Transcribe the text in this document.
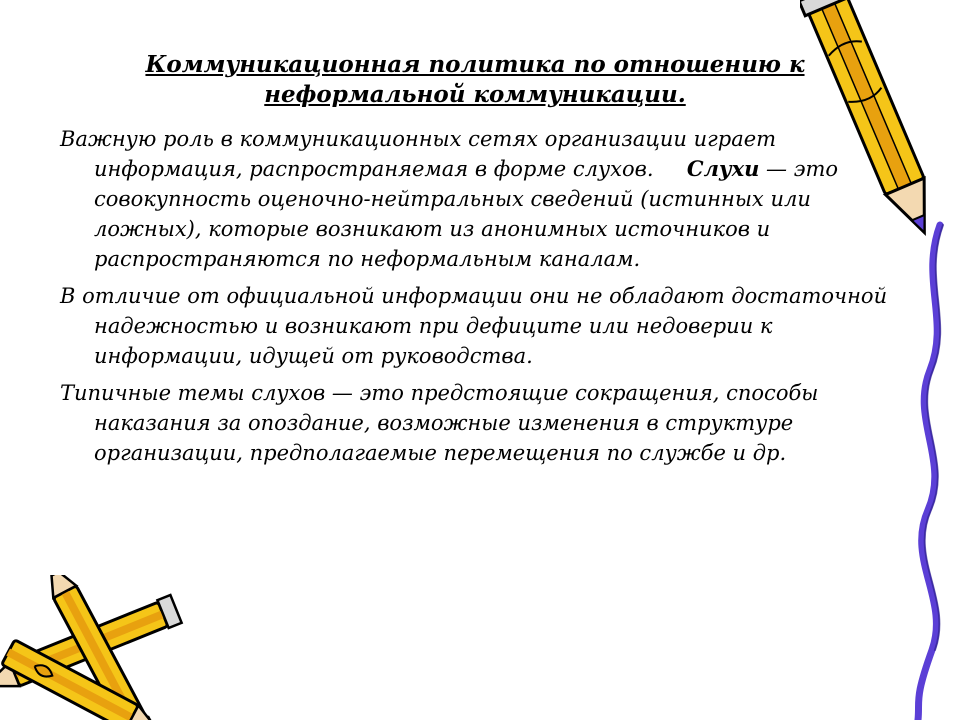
Коммуникационная политика по отношению к
неформальной коммуникации.

Важную роль в коммуникационных сетях организации играет информация, распространяемая в форме слухов. Слухи — это совокупность оценочно-нейтральных сведений (истинных или ложных), которые возникают из анонимных источников и распространяются по неформальным каналам.

В отличие от официальной информации они не обладают достаточной надежностью и возникают при дефиците или недоверии к информации, идущей от руководства.

Типичные темы слухов — это предстоящие сокращения, способы наказания за опоздание, возможные изменения в структуре организации, предполагаемые перемещения по службе и др.
